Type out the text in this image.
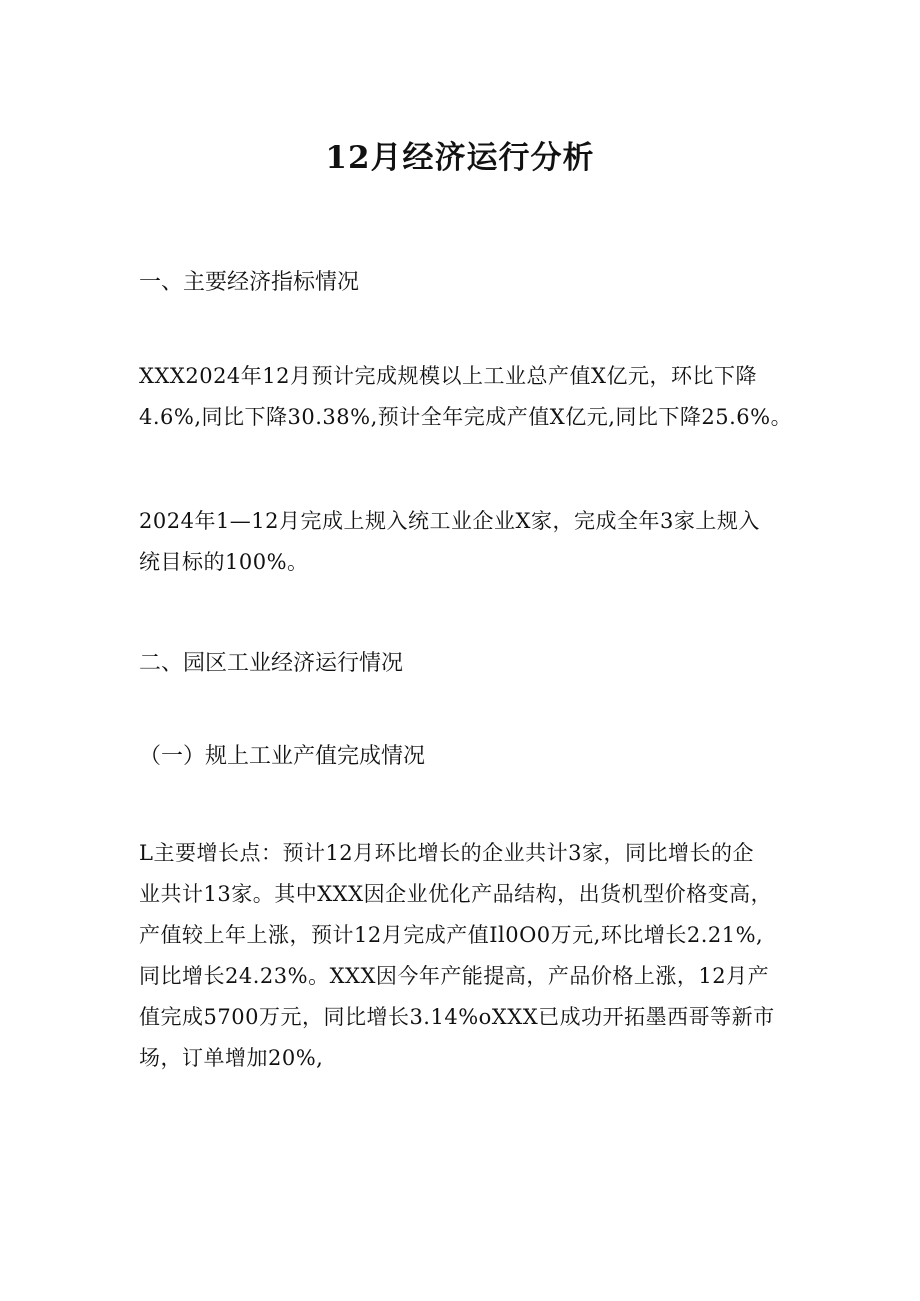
12月经济运行分析
一、主要经济指标情况

XXX2024年12月预计完成规模以上工业总产值X亿元，环比下降
4.6%,同比下降30.38%,预计全年完成产值X亿元,同比下降25.6%。

2024年1—12月完成上规入统工业企业X家，完成全年3家上规入
统目标的100%。

二、园区工业经济运行情况
（一）规上工业产值完成情况

L主要增长点：预计12月环比增长的企业共计3家，同比增长的企
业共计13家。其中XXX因企业优化产品结构，出货机型价格变高，
产值较上年上涨，预计12月完成产值Il0O0万元,环比增长2.21%,
同比增长24.23%。XXX因今年产能提高，产品价格上涨，12月产
值完成5700万元，同比增长3.14%oXXX已成功开拓墨西哥等新市
场，订单增加20%,
